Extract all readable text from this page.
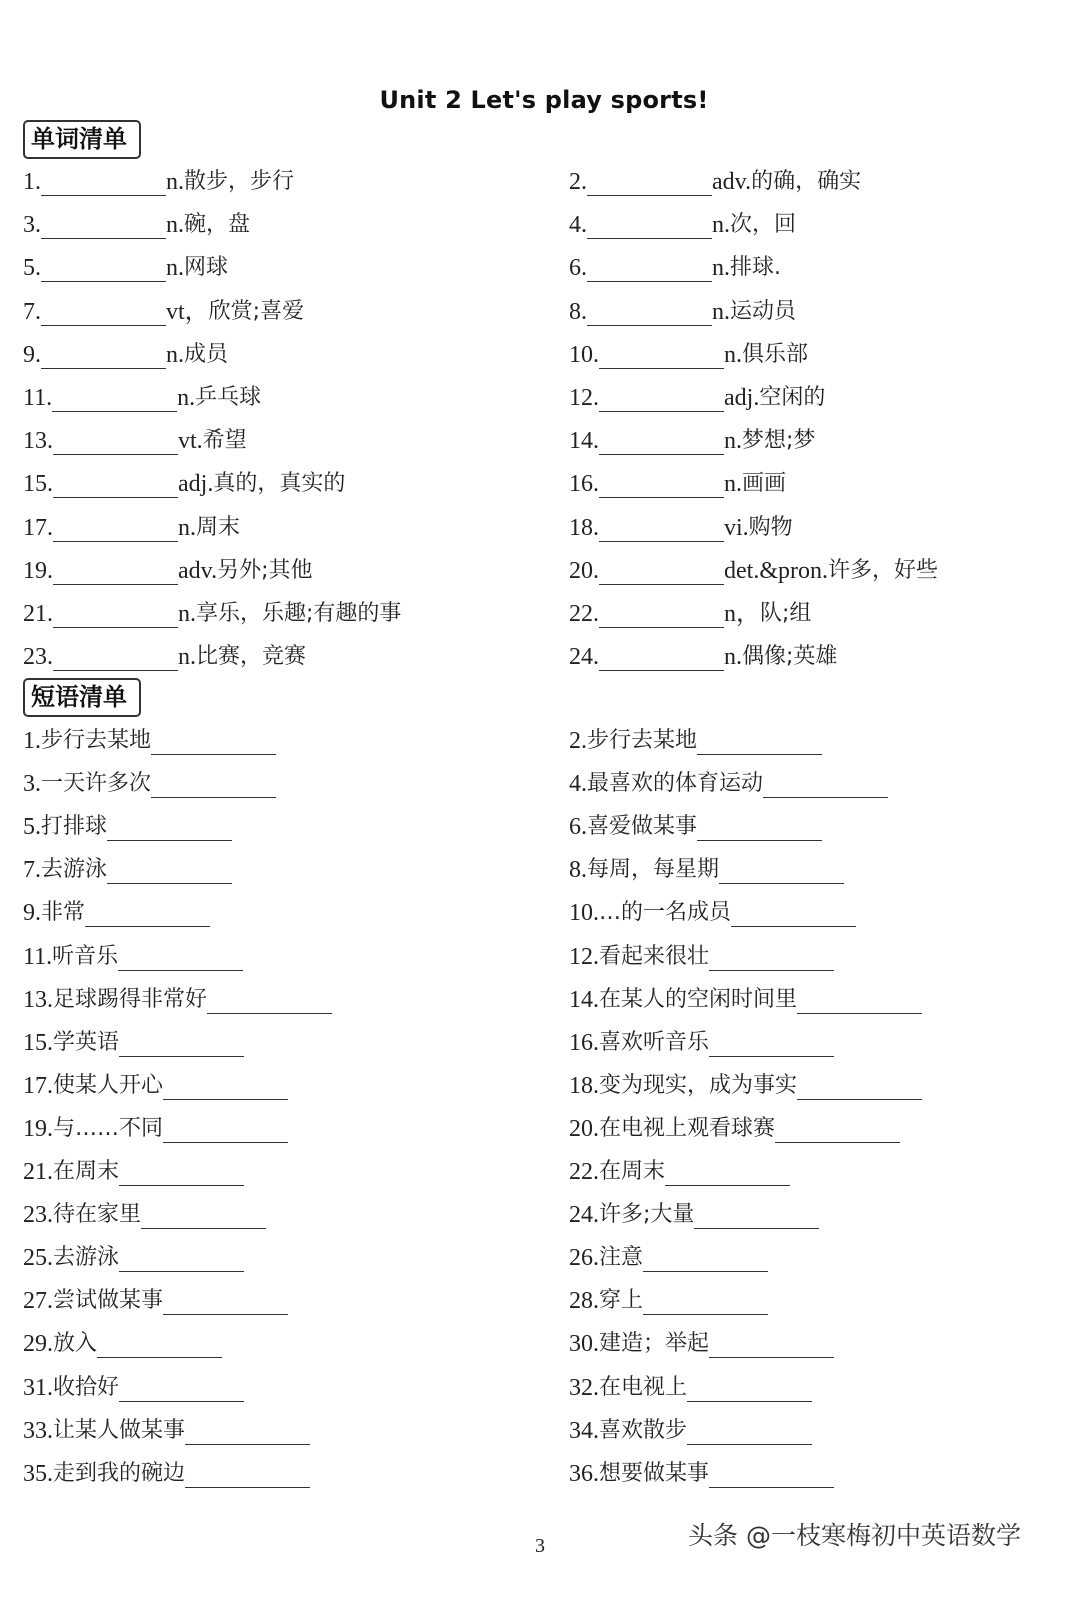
Unit 2 Let's play sports!
单词清单
1.	n. 散步，步行	2.	adv. 的确，确实
3.	n. 碗，盘	4.	n. 次，回
5.	n. 网球	6.	n. 排球.
7.	vt， 欣赏;喜爱	8.	n. 运动员
9.	n. 成员	10.	n. 俱乐部
11.	n. 乒乓球	12.	adj. 空闲的
13.	vt. 希望	14.	n. 梦想;梦
15.	adj. 真的，真实的	16.	n. 画画
17.	n. 周末	18.	vi. 购物
19.	adv. 另外;其他	20.	det.&pron. 许多，好些
21.	n. 享乐，乐趣;有趣的事	22.	n， 队;组
23.	n. 比赛，竞赛	24.	n. 偶像;英雄
短语清单
1. 步行去某地	2. 步行去某地
3. 一天许多次	4. 最喜欢的体育运动
5. 打排球	6. 喜爱做某事
7. 去游泳	8. 每周，每星期
9. 非常	10. …的一名成员
11. 听音乐	12. 看起来很壮
13. 足球踢得非常好	14. 在某人的空闲时间里
15. 学英语	16. 喜欢听音乐
17. 使某人开心	18. 变为现实，成为事实
19. 与……不同	20. 在电视上观看球赛
21. 在周末	22. 在周末
23. 待在家里	24. 许多;大量
25. 去游泳	26. 注意
27. 尝试做某事	28. 穿上
29. 放入	30. 建造；举起
31. 收拾好	32. 在电视上
33. 让某人做某事	34. 喜欢散步
35. 走到我的碗边	36. 想要做某事
3	头条 @一枝寒梅初中英语数学
